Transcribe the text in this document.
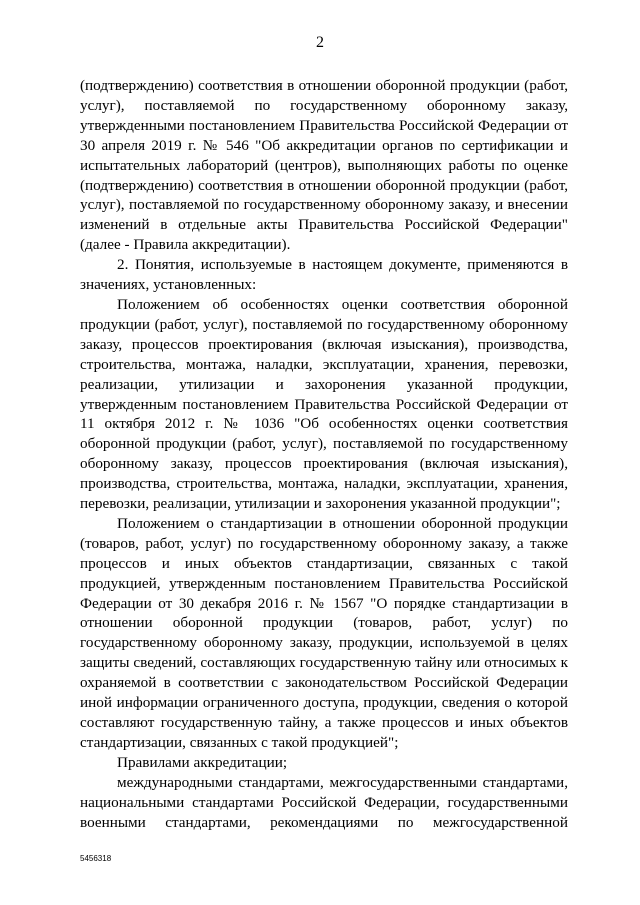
2

(подтверждению) соответствия в отношении оборонной продукции (работ, услуг), поставляемой по государственному оборонному заказу, утвержденными постановлением Правительства Российской Федерации от 30 апреля 2019 г. № 546 "Об аккредитации органов по сертификации и испытательных лабораторий (центров), выполняющих работы по оценке (подтверждению) соответствия в отношении оборонной продукции (работ, услуг), поставляемой по государственному оборонному заказу, и внесении изменений в отдельные акты Правительства Российской Федерации" (далее - Правила аккредитации).

2. Понятия, используемые в настоящем документе, применяются в значениях, установленных:

Положением об особенностях оценки соответствия оборонной продукции (работ, услуг), поставляемой по государственному оборонному заказу, процессов проектирования (включая изыскания), производства, строительства, монтажа, наладки, эксплуатации, хранения, перевозки, реализации, утилизации и захоронения указанной продукции, утвержденным постановлением Правительства Российской Федерации от 11 октября 2012 г. № 1036 "Об особенностях оценки соответствия оборонной продукции (работ, услуг), поставляемой по государственному оборонному заказу, процессов проектирования (включая изыскания), производства, строительства, монтажа, наладки, эксплуатации, хранения, перевозки, реализации, утилизации и захоронения указанной продукции";

Положением о стандартизации в отношении оборонной продукции (товаров, работ, услуг) по государственному оборонному заказу, а также процессов и иных объектов стандартизации, связанных с такой продукцией, утвержденным постановлением Правительства Российской Федерации от 30 декабря 2016 г. № 1567 "О порядке стандартизации в отношении оборонной продукции (товаров, работ, услуг) по государственному оборонному заказу, продукции, используемой в целях защиты сведений, составляющих государственную тайну или относимых к охраняемой в соответствии с законодательством Российской Федерации иной информации ограниченного доступа, продукции, сведения о которой составляют государственную тайну, а также процессов и иных объектов стандартизации, связанных с такой продукцией";

Правилами аккредитации;

международными стандартами, межгосударственными стандартами, национальными стандартами Российской Федерации, государственными военными стандартами, рекомендациями по межгосударственной

5456318
